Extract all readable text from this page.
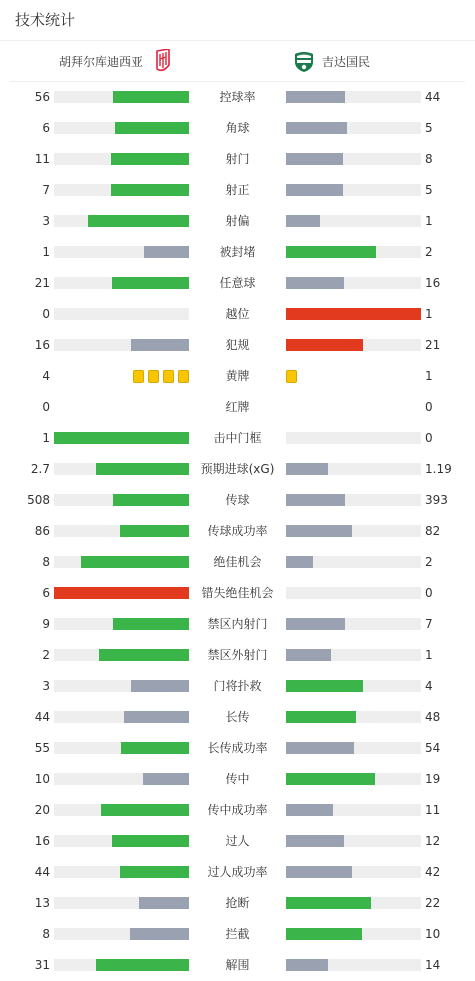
技术统计
胡拜尔库迪西亚	吉达国民
56	控球率	44
6	角球	5
11	射门	8
7	射正	5
3	射偏	1
1	被封堵	2
21	任意球	16
0	越位	1
16	犯规	21
4	黄牌	1
0	红牌	0
1	击中门框	0
2.7	预期进球(xG)	1.19
508	传球	393
86	传球成功率	82
8	绝佳机会	2
6	错失绝佳机会	0
9	禁区内射门	7
2	禁区外射门	1
3	门将扑救	4
44	长传	48
55	长传成功率	54
10	传中	19
20	传中成功率	11
16	过人	12
44	过人成功率	42
13	抢断	22
8	拦截	10
31	解围	14
